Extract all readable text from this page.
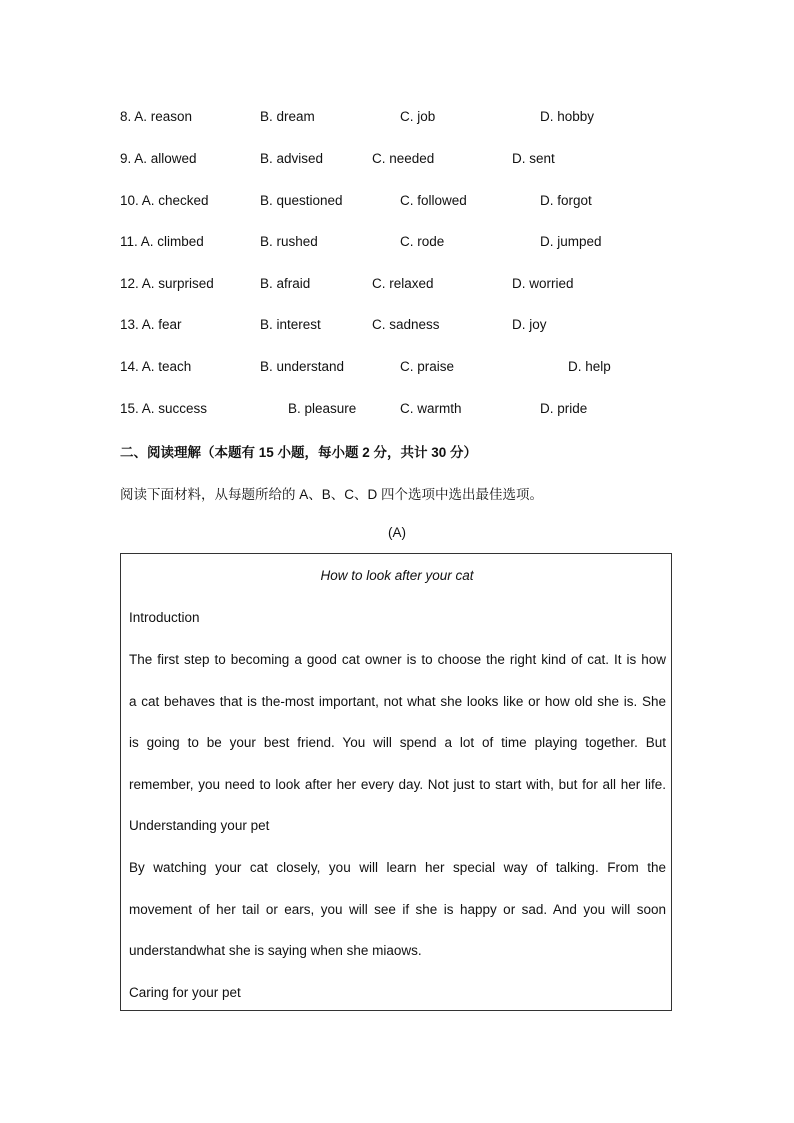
8. A. reason	B. dream	C. job	D. hobby
9. A. allowed	B. advised	C. needed	D. sent
10. A. checked	B. questioned	C. followed	D. forgot
11. A. climbed	B. rushed	C. rode	D. jumped
12. A. surprised	B. afraid	C. relaxed	D. worried
13. A. fear	B. interest	C. sadness	D. joy
14. A. teach	B. understand	C. praise	D. help
15. A. success	B. pleasure	C. warmth	D. pride
二、阅读理解（本题有 15 小题，每小题 2 分，共计 30 分）
阅读下面材料，从每题所给的 A、B、C、D 四个选项中选出最佳选项。
(A)
How to look after your cat
Introduction
The first step to becoming a good cat owner is to choose the right kind of cat. It is how
a cat behaves that is the-most important, not what she looks like or how old she is. She
is going to be your best friend. You will spend a lot of time playing together. But
remember, you need to look after her every day. Not just to start with, but for all her life.
Understanding your pet
By watching your cat closely, you will learn her special way of talking. From the
movement of her tail or ears, you will see if she is happy or sad. And you will soon
understandwhat she is saying when she miaows.
Caring for your pet
